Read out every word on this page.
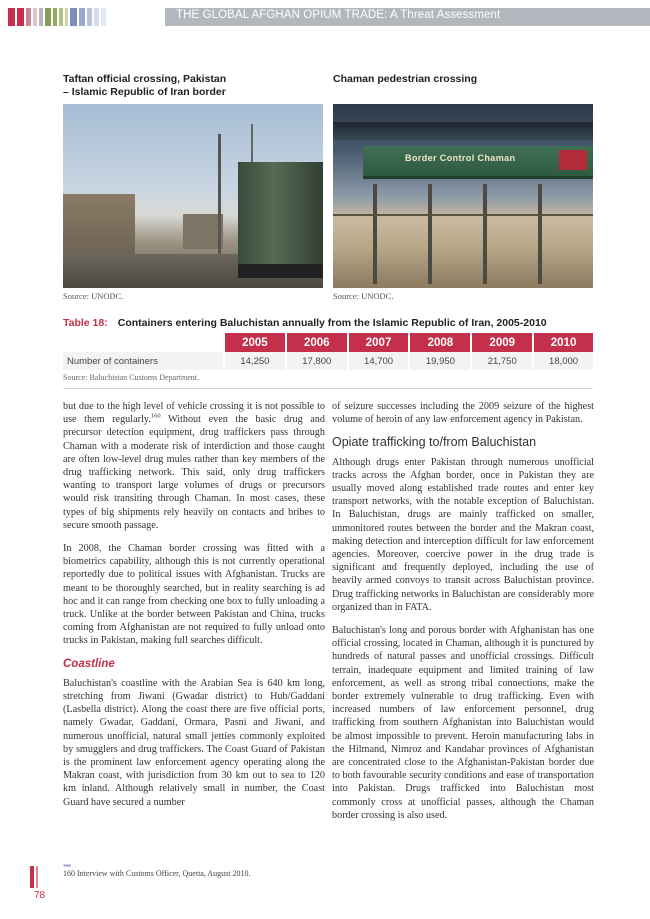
THE GLOBAL AFGHAN OPIUM TRADE: A Threat Assessment
Taftan official crossing, Pakistan
– Islamic Republic of Iran border
Source: UNODC.
Chaman pedestrian crossing
Border Control Chaman
Source: UNODC.
Table 18: Containers entering Baluchistan annually from the Islamic Republic of Iran, 2005-2010
	2005	2006	2007	2008	2009	2010
Number of containers	14,250	17,800	14,700	19,950	21,750	18,000
Source: Baluchistan Customs Department.

but due to the high level of vehicle crossing it is not possible to use them regularly.$^{160}$ Without even the basic drug and precursor detection equipment, drug traffickers pass through Chaman with a moderate risk of interdiction and those caught are often low-level drug mules rather than key members of the drug trafficking network. This said, only drug traffickers wanting to transport large volumes of drugs or precursors would risk transiting through Chaman. In most cases, these types of big shipments rely heavily on contacts and bribes to secure smooth passage.

In 2008, the Chaman border crossing was fitted with a biometrics capability, although this is not currently operational reportedly due to political issues with Afghanistan. Trucks are meant to be thoroughly searched, but in reality searching is ad hoc and it can range from checking one box to fully unloading a truck. Unlike at the border between Pakistan and China, trucks coming from Afghanistan are not required to fully unload onto trucks in Pakistan, making full searches difficult.

Coastline

Baluchistan's coastline with the Arabian Sea is 640 km long, stretching from Jiwani (Gwadar district) to Hub/Gaddani (Lasbella district). Along the coast there are five official ports, namely Gwadar, Gaddani, Ormara, Pasni and Jiwani, and numerous unofficial, natural small jetties commonly exploited by smugglers and drug traffickers. The Coast Guard of Pakistan is the prominent law enforcement agency operating along the Makran coast, with jurisdiction from 30 km out to sea to 120 km inland. Although relatively small in number, the Coast Guard have secured a number

of seizure successes including the 2009 seizure of the highest volume of heroin of any law enforcement agency in Pakistan.

Opiate trafficking to/from Baluchistan

Although drugs enter Pakistan through numerous unofficial tracks across the Afghan border, once in Pakistan they are usually moved along established trade routes and enter key transport networks, with the notable exception of Baluchistan. In Baluchistan, drugs are mainly trafficked on smaller, unmonitored routes between the border and the Makran coast, making detection and interception difficult for law enforcement agencies. Moreover, coercive power in the drug trade is significant and frequently deployed, including the use of heavily armed convoys to transit across Baluchistan province. Drug trafficking networks in Baluchistan are considerably more organized than in FATA.

Baluchistan's long and porous border with Afghanistan has one official crossing, located in Chaman, although it is punctured by hundreds of natural passes and unofficial crossings. Difficult terrain, inadequate equipment and limited training of law enforcement, as well as strong tribal connections, make the border extremely vulnerable to drug trafficking. Even with increased numbers of law enforcement personnel, drug trafficking from southern Afghanistan into Baluchistan would be almost impossible to prevent. Heroin manufacturing labs in the Hilmand, Nimroz and Kandahar provinces of Afghanistan are concentrated close to the Afghanistan-Pakistan border due to both favourable security conditions and ease of transportation into Pakistan. Drugs trafficked into Baluchistan most commonly cross at unofficial passes, although the Chaman border crossing is also used.

▪▪▪▪
160 Interview with Customs Officer, Quetta, August 2010.
78
